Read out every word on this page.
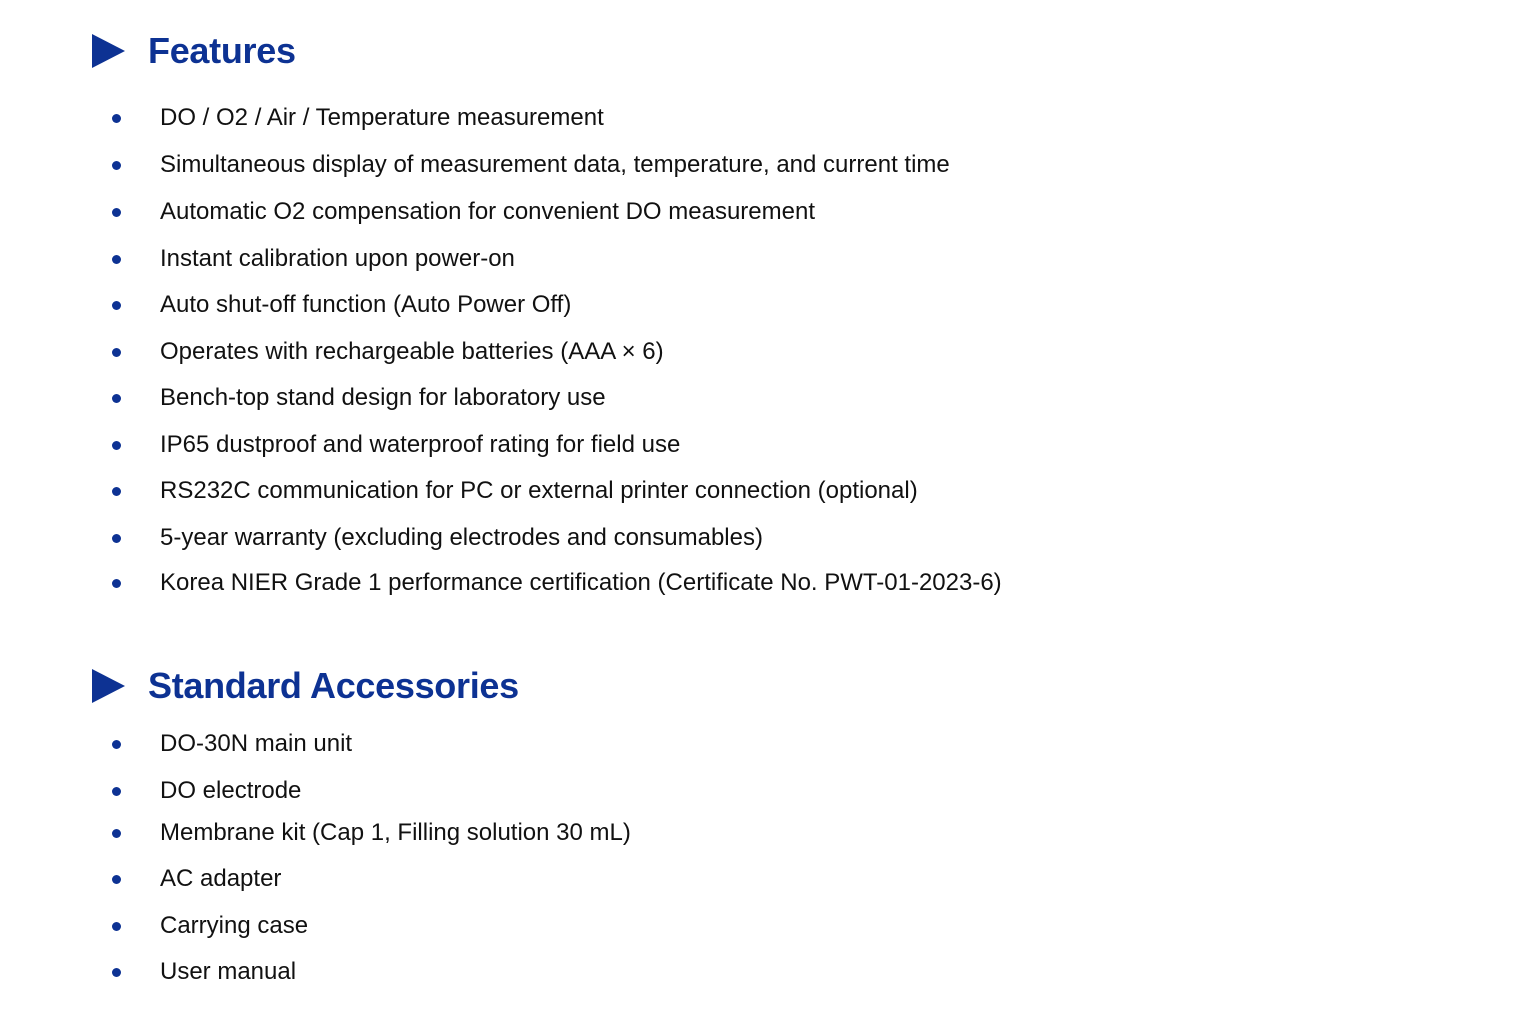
Features
DO / O2 / Air / Temperature measurement
Simultaneous display of measurement data, temperature, and current time
Automatic O2 compensation for convenient DO measurement
Instant calibration upon power-on
Auto shut-off function (Auto Power Off)
Operates with rechargeable batteries (AAA × 6)
Bench-top stand design for laboratory use
IP65 dustproof and waterproof rating for field use
RS232C communication for PC or external printer connection (optional)
5-year warranty (excluding electrodes and consumables)
Korea NIER Grade 1 performance certification (Certificate No. PWT-01-2023-6)
Standard Accessories
DO-30N main unit
DO electrode
Membrane kit (Cap 1, Filling solution 30 mL)
AC adapter
Carrying case
User manual
